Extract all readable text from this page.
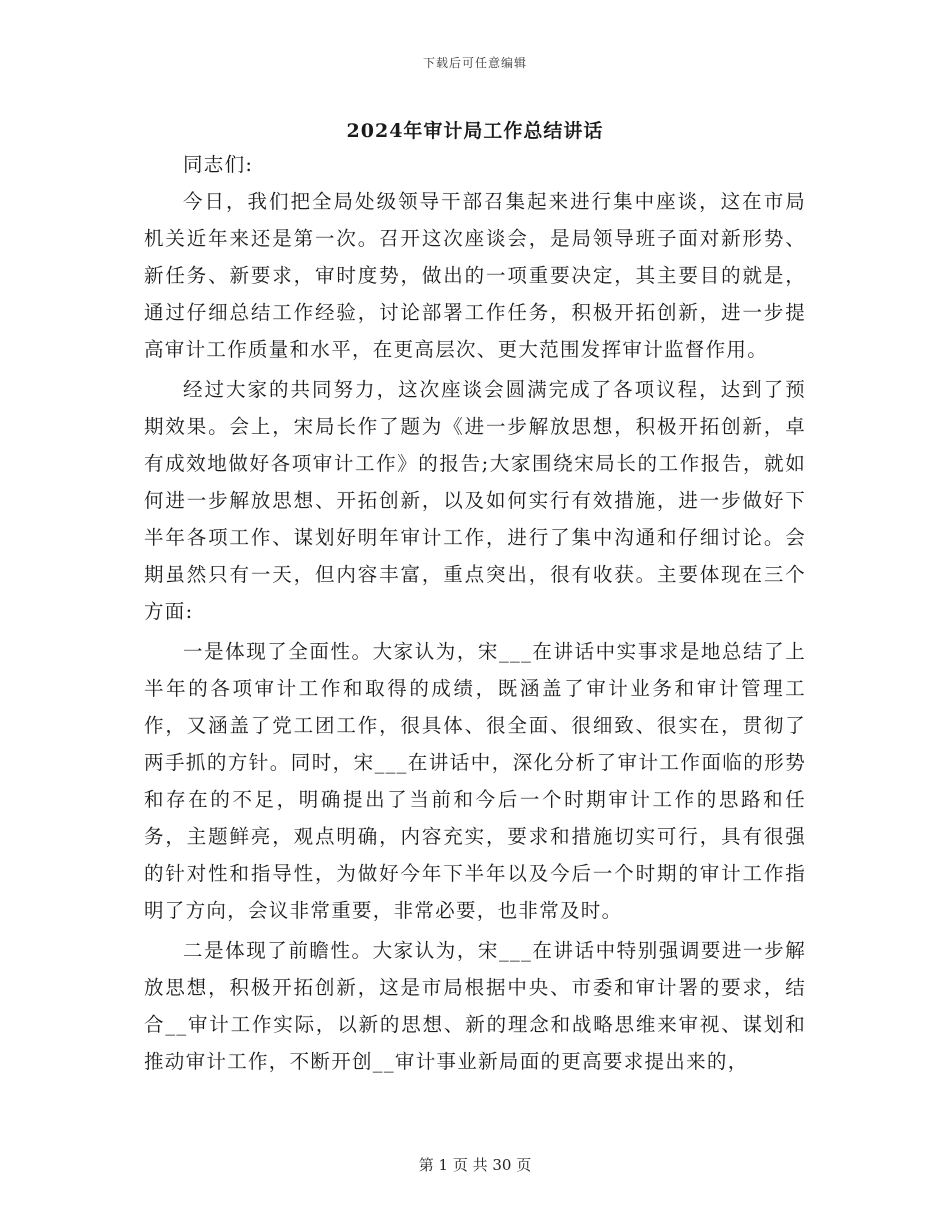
下载后可任意编辑
2024年审计局工作总结讲话

同志们:

今日，我们把全局处级领导干部召集起来进行集中座谈，这在市局机关近年来还是第一次。召开这次座谈会，是局领导班子面对新形势、新任务、新要求，审时度势，做出的一项重要决定，其主要目的就是，通过仔细总结工作经验，讨论部署工作任务，积极开拓创新，进一步提高审计工作质量和水平，在更高层次、更大范围发挥审计监督作用。

经过大家的共同努力，这次座谈会圆满完成了各项议程，达到了预期效果。会上，宋局长作了题为《进一步解放思想，积极开拓创新，卓有成效地做好各项审计工作》的报告;大家围绕宋局长的工作报告，就如何进一步解放思想、开拓创新，以及如何实行有效措施，进一步做好下半年各项工作、谋划好明年审计工作，进行了集中沟通和仔细讨论。会期虽然只有一天，但内容丰富，重点突出，很有收获。主要体现在三个方面:

一是体现了全面性。大家认为，宋___在讲话中实事求是地总结了上半年的各项审计工作和取得的成绩，既涵盖了审计业务和审计管理工作，又涵盖了党工团工作，很具体、很全面、很细致、很实在，贯彻了两手抓的方针。同时，宋___在讲话中，深化分析了审计工作面临的形势和存在的不足，明确提出了当前和今后一个时期审计工作的思路和任务，主题鲜亮，观点明确，内容充实，要求和措施切实可行，具有很强的针对性和指导性，为做好今年下半年以及今后一个时期的审计工作指明了方向，会议非常重要，非常必要，也非常及时。

二是体现了前瞻性。大家认为，宋___在讲话中特别强调要进一步解放思想，积极开拓创新，这是市局根据中央、市委和审计署的要求，结合__审计工作实际，以新的思想、新的理念和战略思维来审视、谋划和推动审计工作，不断开创__审计事业新局面的更高要求提出来的，

第 1 页 共 30 页
